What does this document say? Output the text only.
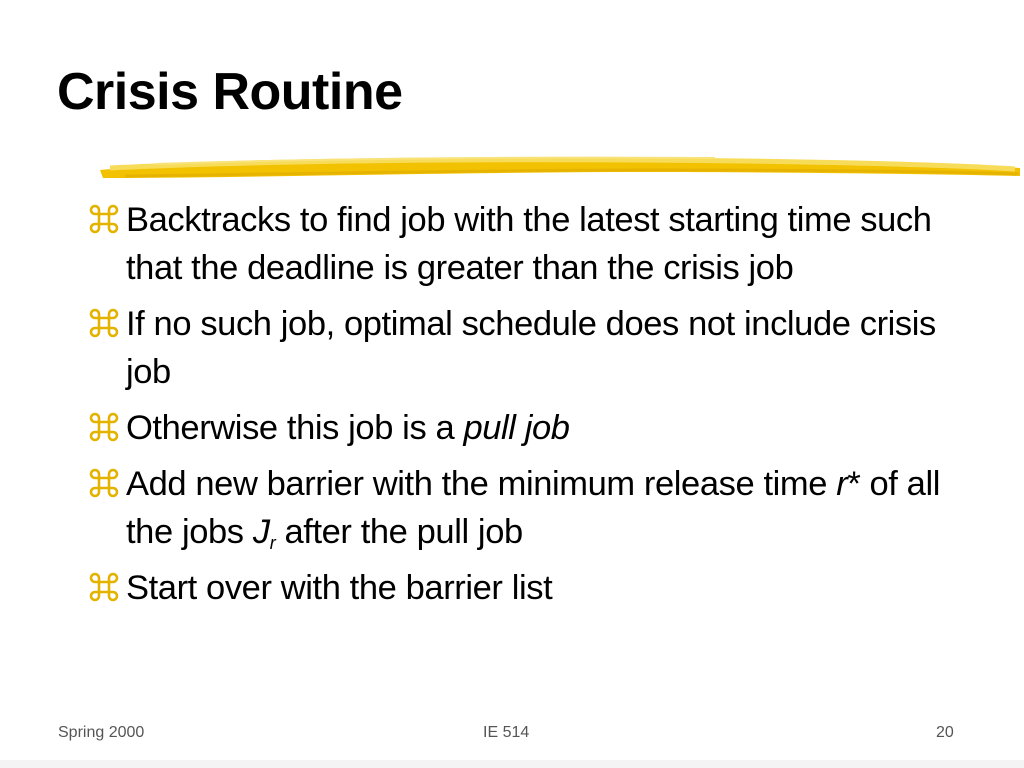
Crisis Routine
Backtracks to find job with the latest starting time such that the deadline is greater than the crisis job
If no such job, optimal schedule does not include crisis job
Otherwise this job is a pull job
Add new barrier with the minimum release time r* of all the jobs $J_r$ after the pull job
Start over with the barrier list
Spring 2000	IE 514	20
